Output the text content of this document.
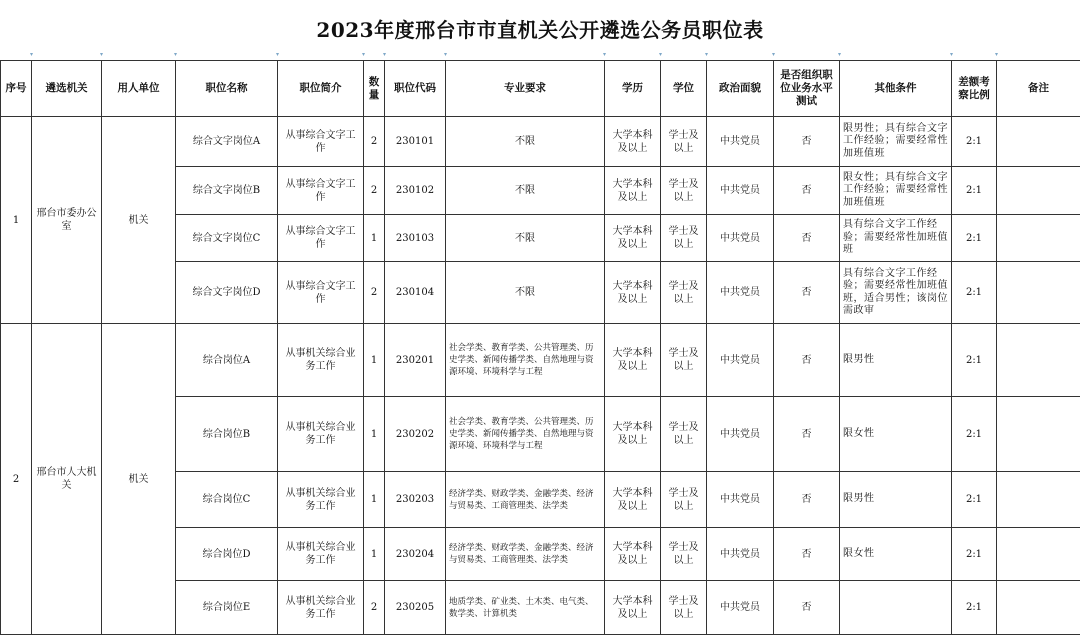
2023年度邢台市市直机关公开遴选公务员职位表
▾	▾	▾	▾	▾	▾	▾	▾	▾	▾	▾	▾	▾	▾
序号	遴选机关	用人单位	职位名称	职位简介	数量	职位代码	专业要求	学历	学位	政治面貌	是否组织职位业务水平测试	其他条件	差额考察比例	备注
1	邢台市委办公室	机关	综合文字岗位A	从事综合文字工作	2	230101	不限	大学本科及以上	学士及以上	中共党员	否	限男性；具有综合文字工作经验；需要经常性加班值班	2:1	
			综合文字岗位B	从事综合文字工作	2	230102	不限	大学本科及以上	学士及以上	中共党员	否	限女性；具有综合文字工作经验；需要经常性加班值班	2:1	
			综合文字岗位C	从事综合文字工作	1	230103	不限	大学本科及以上	学士及以上	中共党员	否	具有综合文字工作经验；需要经常性加班值班	2:1	
			综合文字岗位D	从事综合文字工作	2	230104	不限	大学本科及以上	学士及以上	中共党员	否	具有综合文字工作经验；需要经常性加班值班，适合男性；该岗位需政审	2:1	
2	邢台市人大机关	机关	综合岗位A	从事机关综合业务工作	1	230201	社会学类、教育学类、公共管理类、历史学类、新闻传播学类、自然地理与资源环境、环境科学与工程	大学本科及以上	学士及以上	中共党员	否	限男性	2:1	
			综合岗位B	从事机关综合业务工作	1	230202	社会学类、教育学类、公共管理类、历史学类、新闻传播学类、自然地理与资源环境、环境科学与工程	大学本科及以上	学士及以上	中共党员	否	限女性	2:1	
			综合岗位C	从事机关综合业务工作	1	230203	经济学类、财政学类、金融学类、经济与贸易类、工商管理类、法学类	大学本科及以上	学士及以上	中共党员	否	限男性	2:1	
			综合岗位D	从事机关综合业务工作	1	230204	经济学类、财政学类、金融学类、经济与贸易类、工商管理类、法学类	大学本科及以上	学士及以上	中共党员	否	限女性	2:1	
			综合岗位E	从事机关综合业务工作	2	230205	地质学类、矿业类、土木类、电气类、数学类、计算机类	大学本科及以上	学士及以上	中共党员	否		2:1	
